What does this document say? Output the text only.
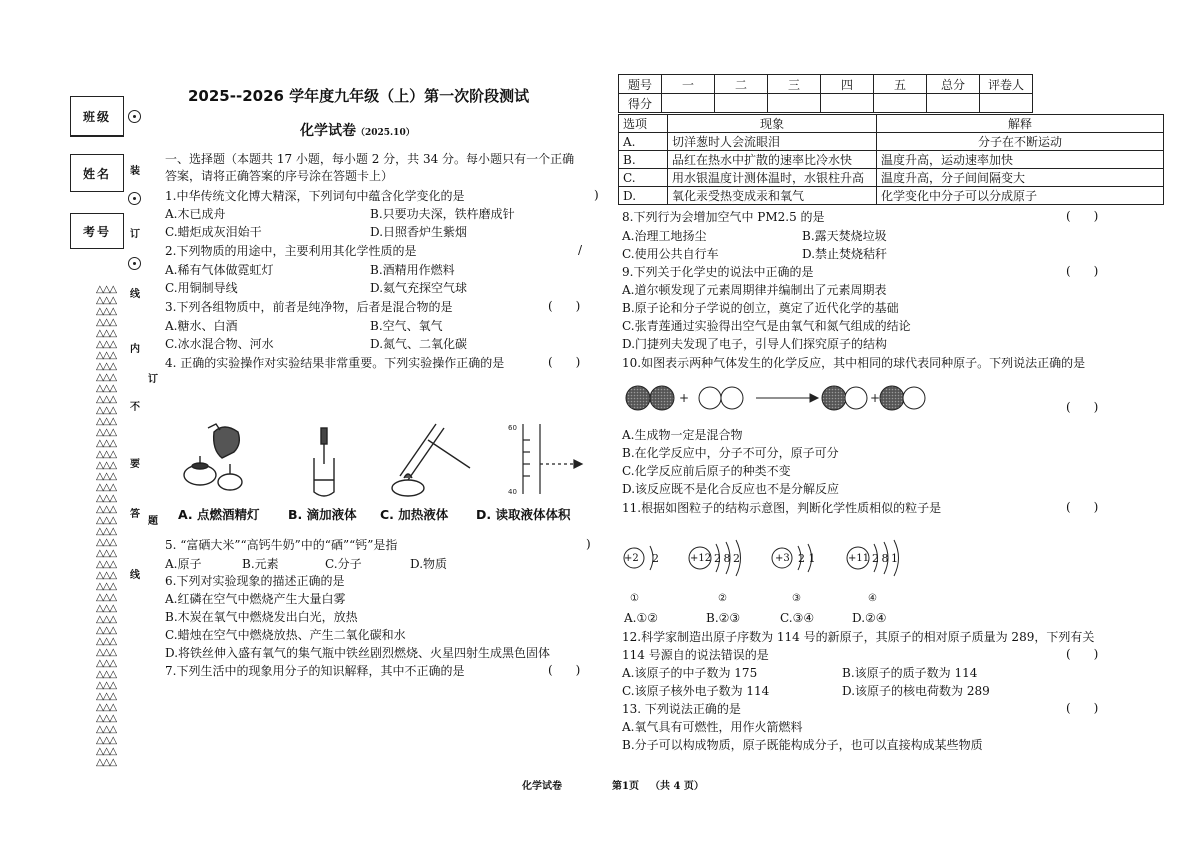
班级
姓名
考号
装
订
线
内
订
不
要
答
题
线
△△△
△△△
△△△
△△△
△△△
△△△
△△△
△△△
△△△
△△△
△△△
△△△
△△△
△△△
△△△
△△△
△△△
△△△
△△△
△△△
△△△
△△△
△△△
△△△
△△△
△△△
△△△
△△△
△△△
△△△
△△△
△△△
△△△
△△△
△△△
△△△
△△△
△△△
△△△
△△△
△△△
△△△
△△△
△△△
2025--2026 学年度九年级（上）第一次阶段测试
化学试卷（2025.10）
一、选择题（本题共 17 小题，每小题 2 分，共 34 分。每小题只有一个正确
答案，请将正确答案的序号涂在答题卡上）
1.中华传统文化博大精深，下列词句中蕴含化学变化的是	)
A.木已成舟	B.只要功夫深，铁杵磨成针
C.蜡炬成灰泪始干	D.日照香炉生紫烟
2.下列物质的用途中，主要利用其化学性质的是	/
A.稀有气体做霓虹灯	B.酒精用作燃料
C.用铜制导线	D.氦气充探空气球
3.下列各组物质中，前者是纯净物，后者是混合物的是	(      )
A.糖水、白酒	B.空气、氧气
C.冰水混合物、河水	D.氮气、二氧化碳
4. 正确的实验操作对实验结果非常重要。下列实验操作正确的是	(      )
60
40
A. 点燃酒精灯 B. 滴加液体 C. 加热液体 D. 读取液体体积
5. “富硒大米”“高钙牛奶”中的“硒”“钙”是指	)
A.原子	B.元素	C.分子	D.物质
6.下列对实验现象的描述正确的是
A.红磷在空气中燃烧产生大量白雾
B.木炭在氧气中燃烧发出白光，放热
C.蜡烛在空气中燃烧放热、产生二氧化碳和水
D.将铁丝伸入盛有氧气的集气瓶中铁丝剧烈燃烧、火星四射生成黑色固体
7.下列生活中的现象用分子的知识解释，其中不正确的是	(      )
题号	一	二	三	四	五	总分	评卷人
得分							
选项	现象	解释
A.	切洋葱时人会流眼泪	分子在不断运动
B.	品红在热水中扩散的速率比冷水快	温度升高，运动速率加快
C.	用水银温度计测体温时，水银柱升高	温度升高，分子间间隔变大
D.	氧化汞受热变成汞和氧气	化学变化中分子可以分成原子
8.下列行为会增加空气中 PM2.5 的是	(      )
A.治理工地扬尘	B.露天焚烧垃圾
C.使用公共自行车	D.禁止焚烧秸秆
9.下列关于化学史的说法中正确的是	(      )
A.道尔顿发现了元素周期律并编制出了元素周期表
B.原子论和分子学说的创立，奠定了近代化学的基础
C.张青莲通过实验得出空气是由氧气和氮气组成的结论
D.门捷列夫发现了电子，引导人们探究原子的结构
10.如图表示两种气体发生的化学反应，其中相同的球代表同种原子。下列说法正确的是
+	+
(      )
A.生成物一定是混合物
B.在化学反应中，分子不可分，原子可分
C.化学反应前后原子的种类不变
D.该反应既不是化合反应也不是分解反应
11.根据如图粒子的结构示意图，判断化学性质相似的粒子是	(      )
+2 2	+12 2 8 2	+3 2 1	+11 2 8 1
①	②	③	④
A.①②	B.②③	C.③④	D.②④
12.科学家制造出原子序数为 114 号的新原子，其原子的相对原子质量为 289，下列有关
114 号源自的说法错误的是	(      )
A.该原子的中子数为 175	B.该原子的质子数为 114
C.该原子核外电子数为 114	D.该原子的核电荷数为 289
13. 下列说法正确的是	(      )
A.氧气具有可燃性，用作火箭燃料
B.分子可以构成物质，原子既能构成分子，也可以直接构成某些物质
化学试卷	第1页 （共 4 页）
